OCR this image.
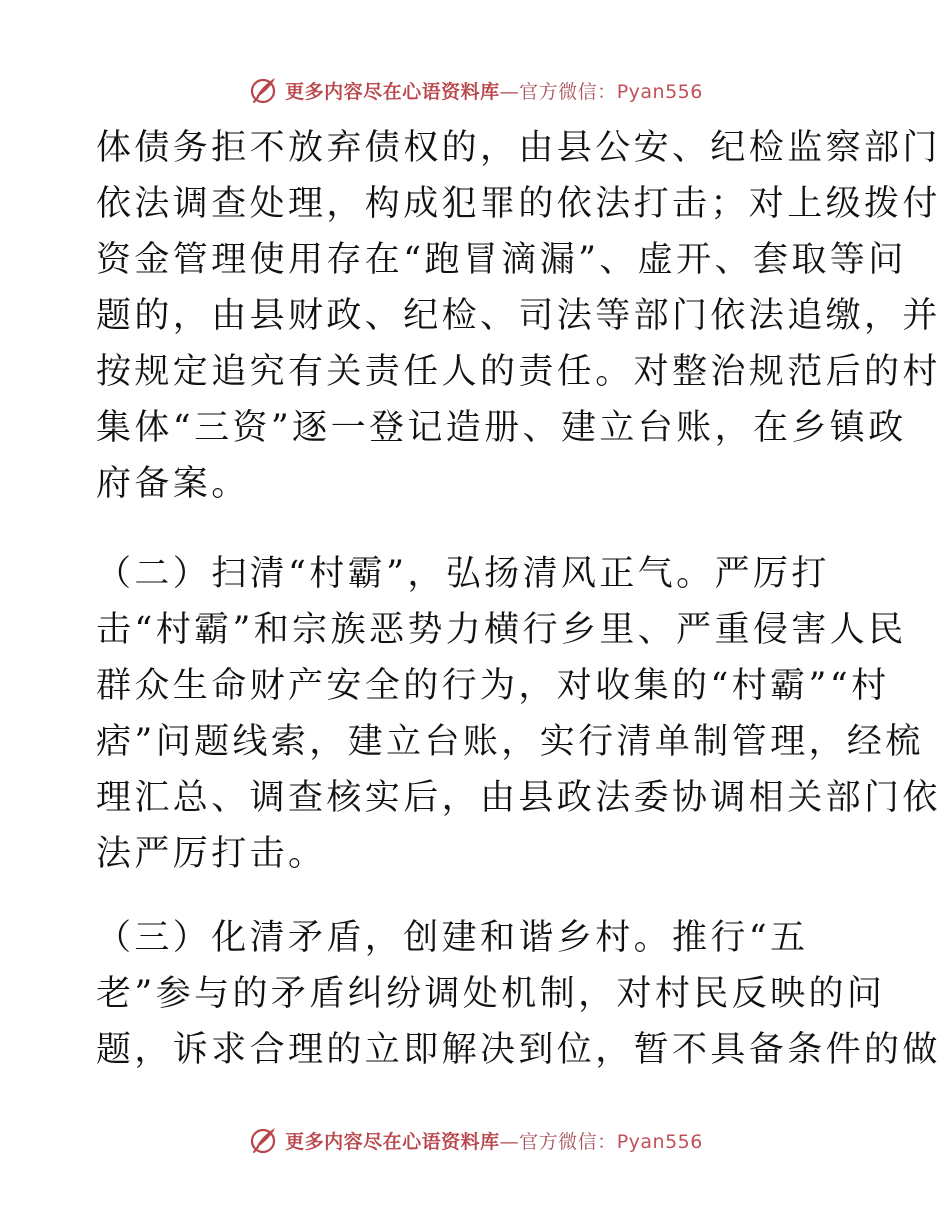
更多内容尽在心语资料库—官方微信：Pyan556
体债务拒不放弃债权的，由县公安、纪检监察部门
依法调查处理，构成犯罪的依法打击；对上级拨付
资金管理使用存在“跑冒滴漏”、虚开、套取等问
题的，由县财政、纪检、司法等部门依法追缴，并
按规定追究有关责任人的责任。对整治规范后的村
集体“三资”逐一登记造册、建立台账，在乡镇政
府备案。
（二）扫清“村霸”，弘扬清风正气。严厉打
击“村霸”和宗族恶势力横行乡里、严重侵害人民
群众生命财产安全的行为，对收集的“村霸”“村
痞”问题线索，建立台账，实行清单制管理，经梳
理汇总、调查核实后，由县政法委协调相关部门依
法严厉打击。
（三）化清矛盾，创建和谐乡村。推行“五
老”参与的矛盾纠纷调处机制，对村民反映的问
题，诉求合理的立即解决到位，暂不具备条件的做
更多内容尽在心语资料库—官方微信：Pyan556
